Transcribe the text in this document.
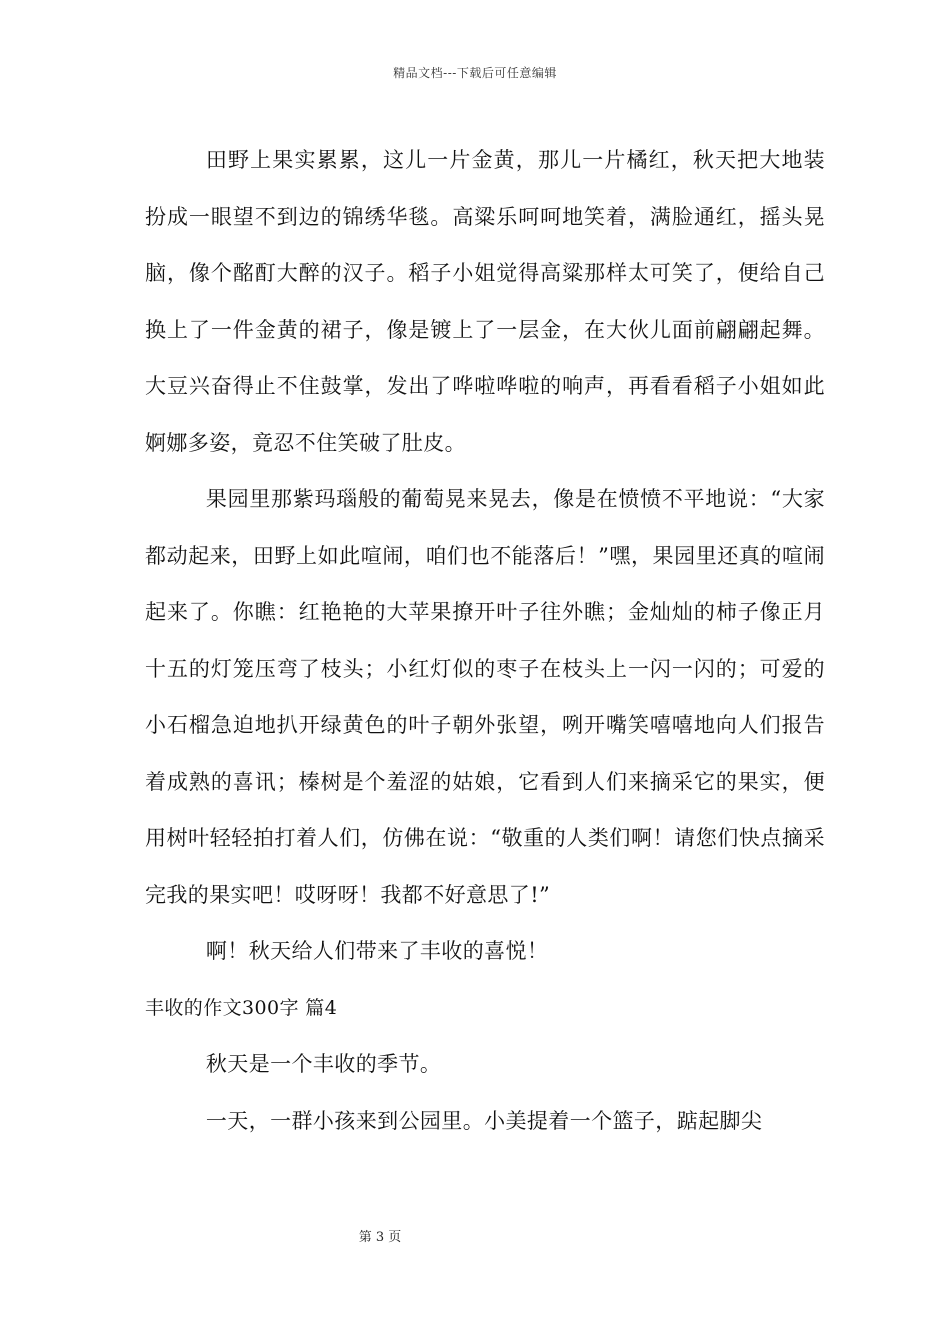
精品文档---下载后可任意编辑

田野上果实累累，这儿一片金黄，那儿一片橘红，秋天把大地装扮成一眼望不到边的锦绣华毯。高粱乐呵呵地笑着，满脸通红，摇头晃脑，像个酩酊大醉的汉子。稻子小姐觉得高粱那样太可笑了，便给自己换上了一件金黄的裙子，像是镀上了一层金，在大伙儿面前翩翩起舞。大豆兴奋得止不住鼓掌，发出了哗啦哗啦的响声，再看看稻子小姐如此婀娜多姿，竟忍不住笑破了肚皮。

果园里那紫玛瑙般的葡萄晃来晃去，像是在愤愤不平地说：“大家都动起来，田野上如此喧闹，咱们也不能落后！”嘿，果园里还真的喧闹起来了。你瞧：红艳艳的大苹果撩开叶子往外瞧；金灿灿的柿子像正月十五的灯笼压弯了枝头；小红灯似的枣子在枝头上一闪一闪的；可爱的小石榴急迫地扒开绿黄色的叶子朝外张望，咧开嘴笑嘻嘻地向人们报告着成熟的喜讯；榛树是个羞涩的姑娘，它看到人们来摘采它的果实，便用树叶轻轻拍打着人们，仿佛在说：“敬重的人类们啊！请您们快点摘采完我的果实吧！哎呀呀！我都不好意思了!”

啊！秋天给人们带来了丰收的喜悦！

丰收的作文300字 篇4

秋天是一个丰收的季节。

一天，一群小孩来到公园里。小美提着一个篮子，踮起脚尖

第 3 页
